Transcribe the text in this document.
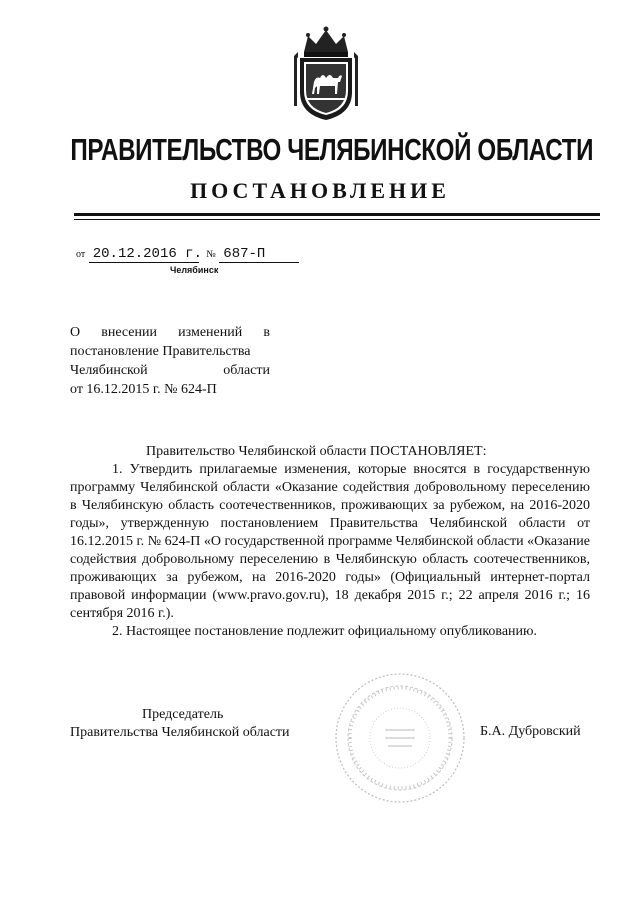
ПРАВИТЕЛЬСТВО ЧЕЛЯБИНСКОЙ ОБЛАСТИ
ПОСТАНОВЛЕНИЕ
от 20.12.2016 г. № 687-П
Челябинск
О внесении изменений в
постановление Правительства
Челябинской области
от 16.12.2015 г. № 624-П
Правительство Челябинской области ПОСТАНОВЛЯЕТ:
1. Утвердить прилагаемые изменения, которые вносятся в государственную программу Челябинской области «Оказание содействия добровольному переселению в Челябинскую область соотечественников, проживающих за рубежом, на 2016-2020 годы», утвержденную постановлением Правительства Челябинской области от 16.12.2015 г. № 624-П «О государственной программе Челябинской области «Оказание содействия добровольному переселению в Челябинскую область соотечественников, проживающих за рубежом, на 2016-2020 годы» (Официальный интернет-портал правовой информации (www.pravo.gov.ru), 18 декабря 2015 г.; 22 апреля 2016 г.; 16 сентября 2016 г.).
2. Настоящее постановление подлежит официальному опубликованию.
Председатель
Правительства Челябинской области	Б.А. Дубровский
